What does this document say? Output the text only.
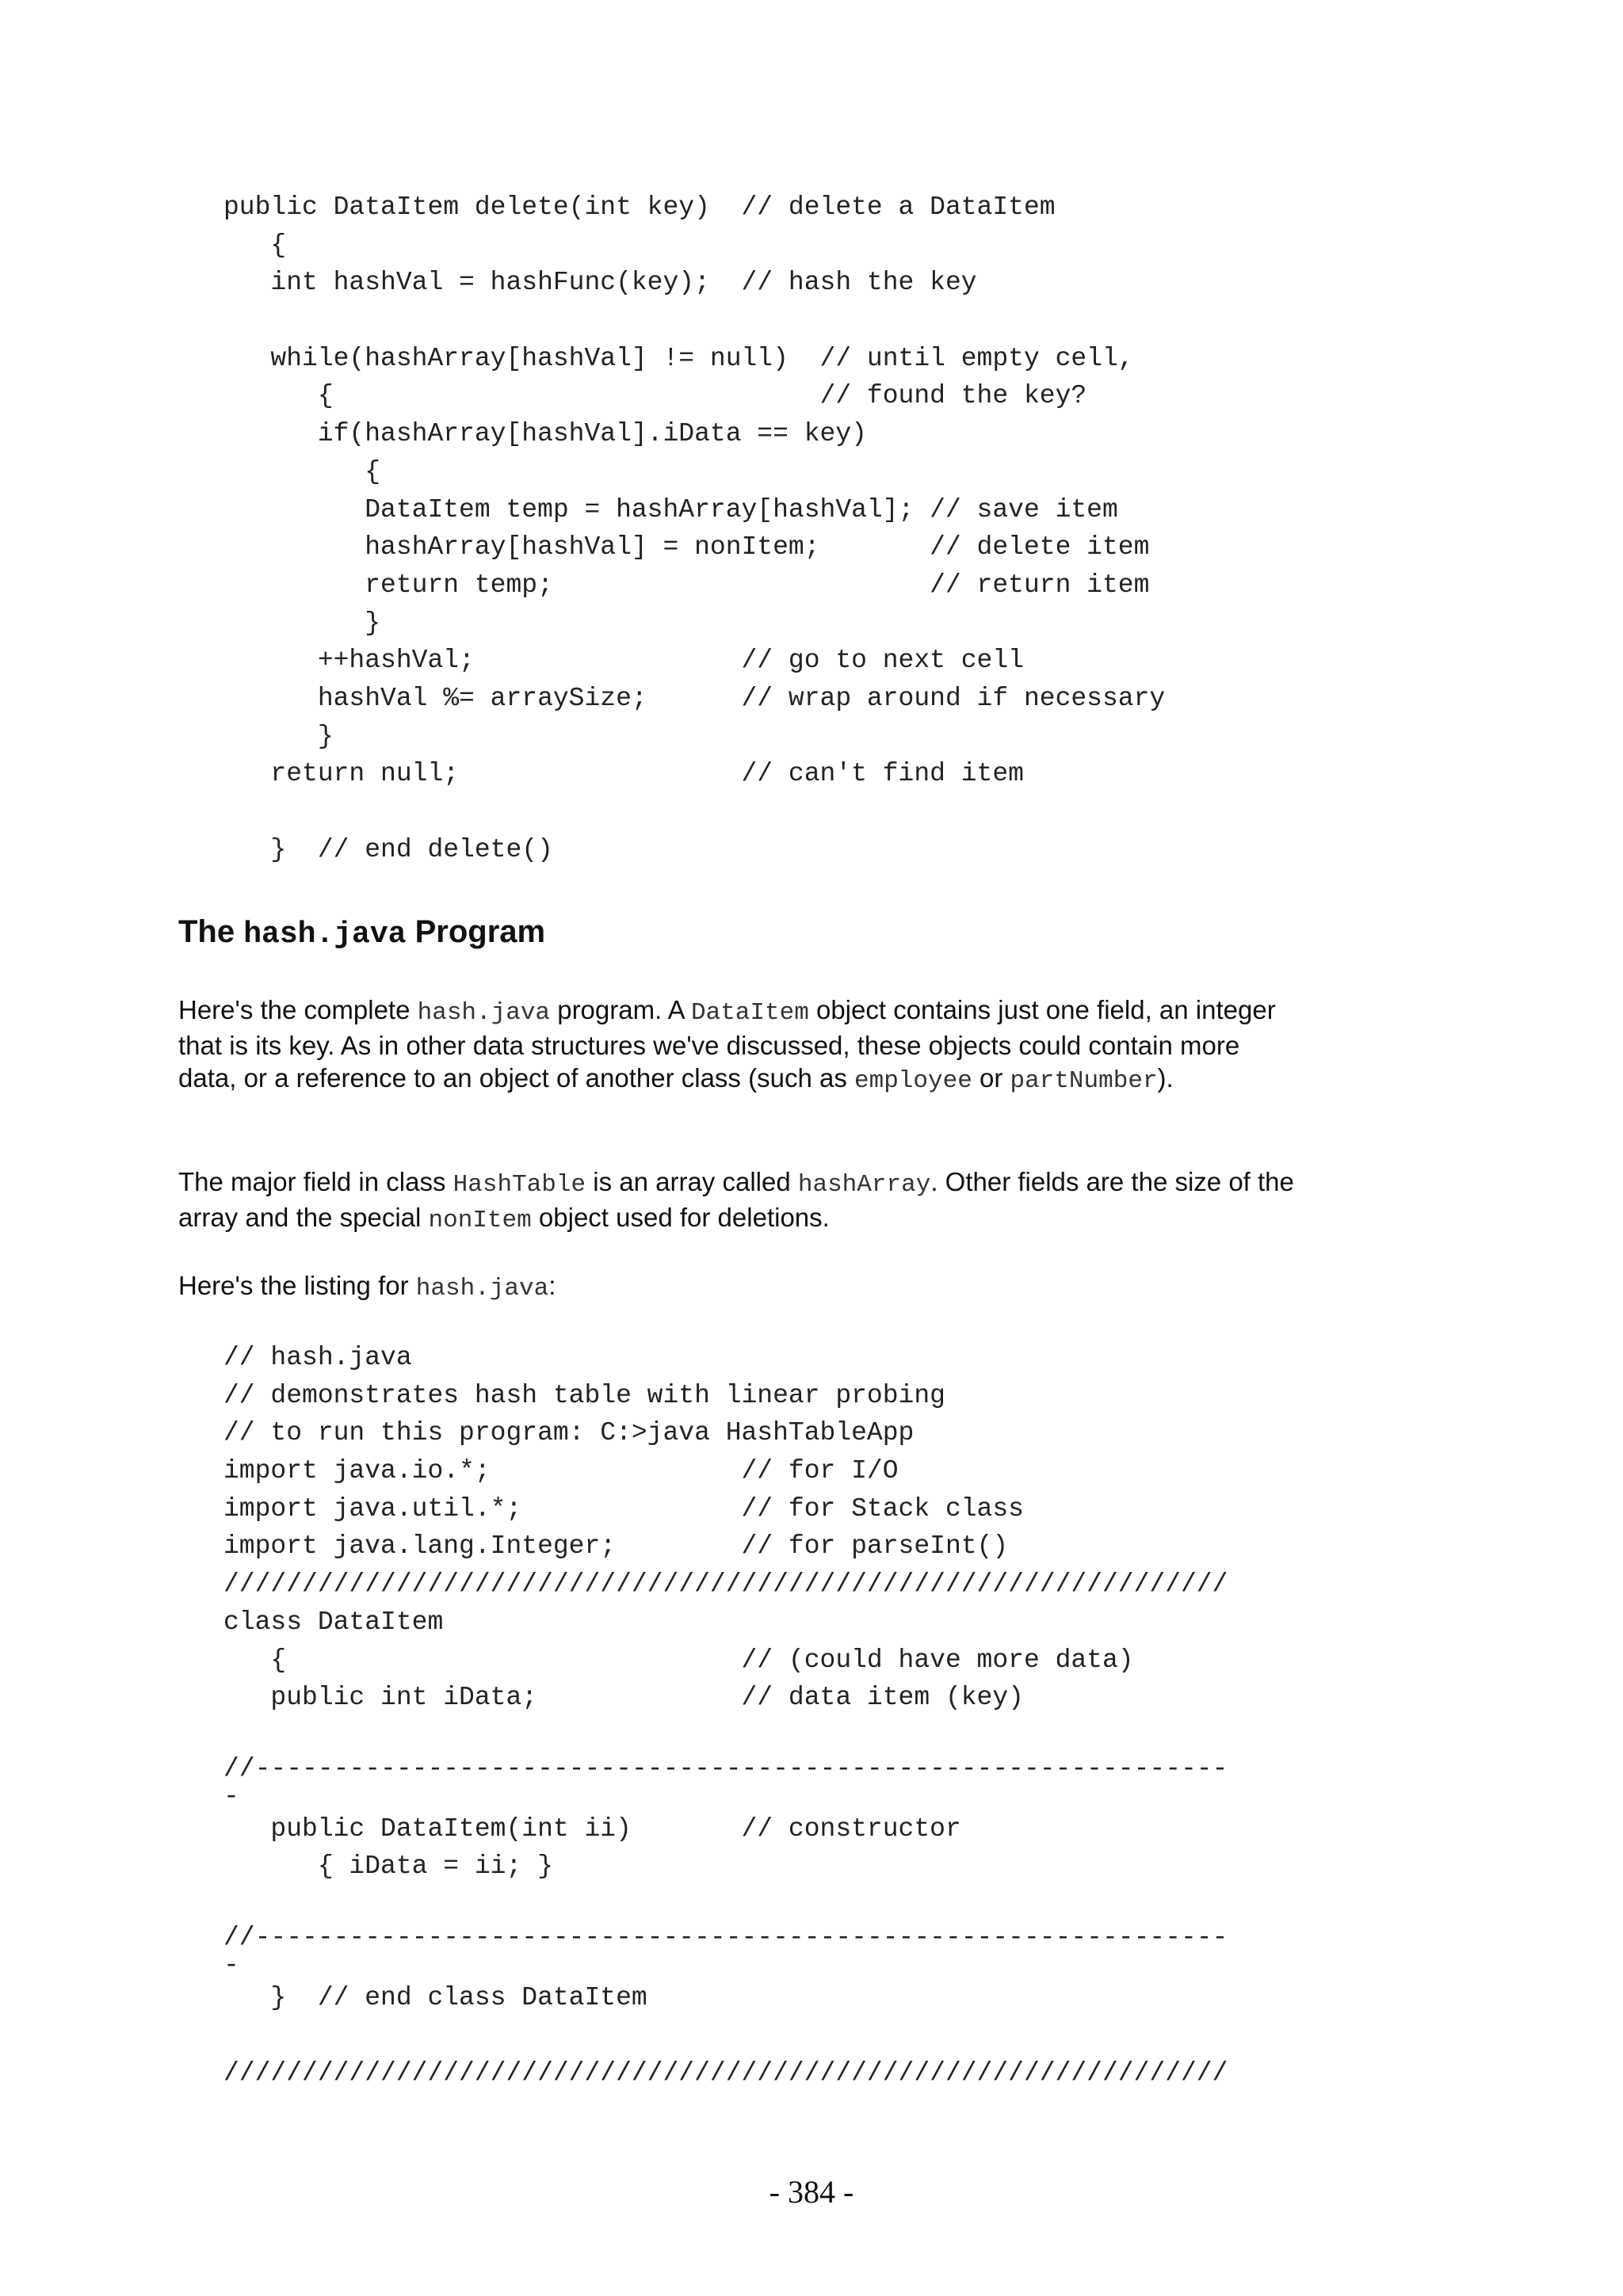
public DataItem delete(int key)  // delete a DataItem
{
int hashVal = hashFunc(key);  // hash the key
while(hashArray[hashVal] != null)  // until empty cell,
{                               // found the key?
if(hashArray[hashVal].iData == key)
{
DataItem temp = hashArray[hashVal]; // save item
hashArray[hashVal] = nonItem;       // delete item
return temp;                        // return item
}
++hashVal;                 // go to next cell
hashVal %= arraySize;      // wrap around if necessary
}
return null;                  // can't find item
}  // end delete()
The hash.java Program

Here's the complete hash.java program. A DataItem object contains just one field, an integer that is its key. As in other data structures we've discussed, these objects could contain more data, or a reference to an object of another class (such as employee or partNumber).

The major field in class HashTable is an array called hashArray. Other fields are the size of the array and the special nonItem object used for deletions.

Here's the listing for hash.java:

// hash.java
// demonstrates hash table with linear probing
// to run this program: C:>java HashTableApp
import java.io.*;                // for I/O
import java.util.*;              // for Stack class
import java.lang.Integer;        // for parseInt()
////////////////////////////////////////////////////////////////
class DataItem
{                             // (could have more data)
public int iData;             // data item (key)
//--------------------------------------------------------------
-
public DataItem(int ii)       // constructor
{ iData = ii; }
//--------------------------------------------------------------
-
}  // end class DataItem
////////////////////////////////////////////////////////////////
- 384 -
